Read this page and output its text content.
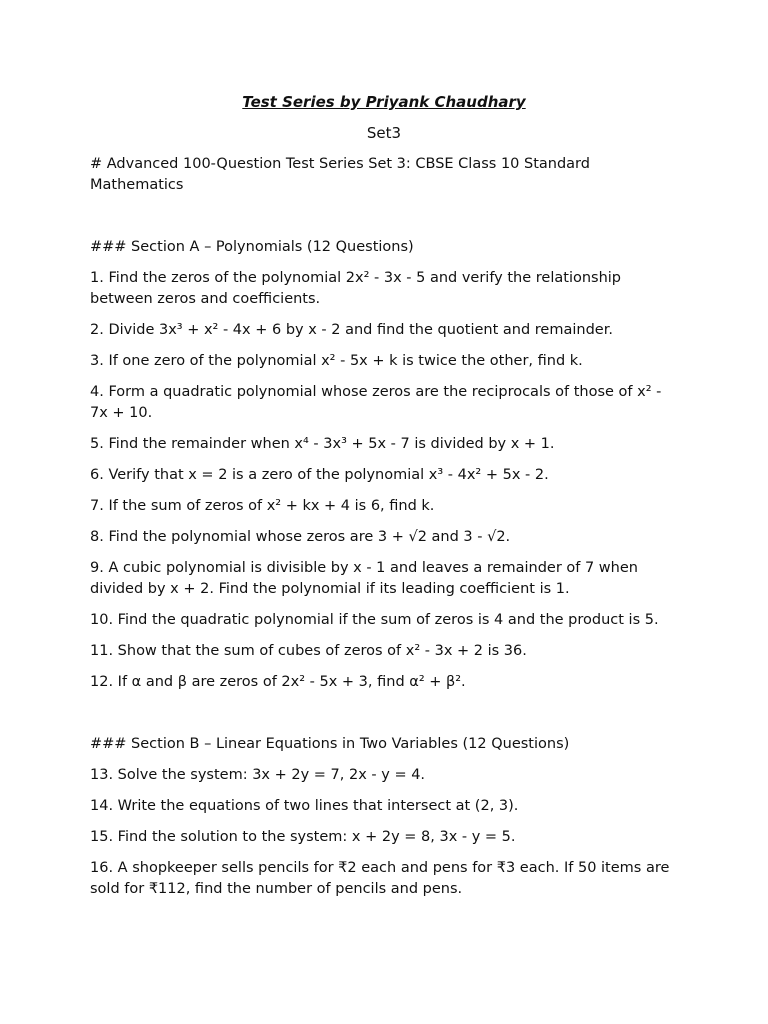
Test Series by Priyank Chaudhary
Set3
# Advanced 100-Question Test Series Set 3: CBSE Class 10 Standard Mathematics
### Section A – Polynomials (12 Questions)
1. Find the zeros of the polynomial 2x² - 3x - 5 and verify the relationship between zeros and coefficients.
2. Divide 3x³ + x² - 4x + 6 by x - 2 and find the quotient and remainder.
3. If one zero of the polynomial x² - 5x + k is twice the other, find k.
4. Form a quadratic polynomial whose zeros are the reciprocals of those of x² - 7x + 10.
5. Find the remainder when x⁴ - 3x³ + 5x - 7 is divided by x + 1.
6. Verify that x = 2 is a zero of the polynomial x³ - 4x² + 5x - 2.
7. If the sum of zeros of x² + kx + 4 is 6, find k.
8. Find the polynomial whose zeros are 3 + √2 and 3 - √2.
9. A cubic polynomial is divisible by x - 1 and leaves a remainder of 7 when divided by x + 2. Find the polynomial if its leading coefficient is 1.
10. Find the quadratic polynomial if the sum of zeros is 4 and the product is 5.
11. Show that the sum of cubes of zeros of x² - 3x + 2 is 36.
12. If α and β are zeros of 2x² - 5x + 3, find α² + β².
### Section B – Linear Equations in Two Variables (12 Questions)
13. Solve the system: 3x + 2y = 7, 2x - y = 4.
14. Write the equations of two lines that intersect at (2, 3).
15. Find the solution to the system: x + 2y = 8, 3x - y = 5.
16. A shopkeeper sells pencils for ₹2 each and pens for ₹3 each. If 50 items are sold for ₹112, find the number of pencils and pens.
